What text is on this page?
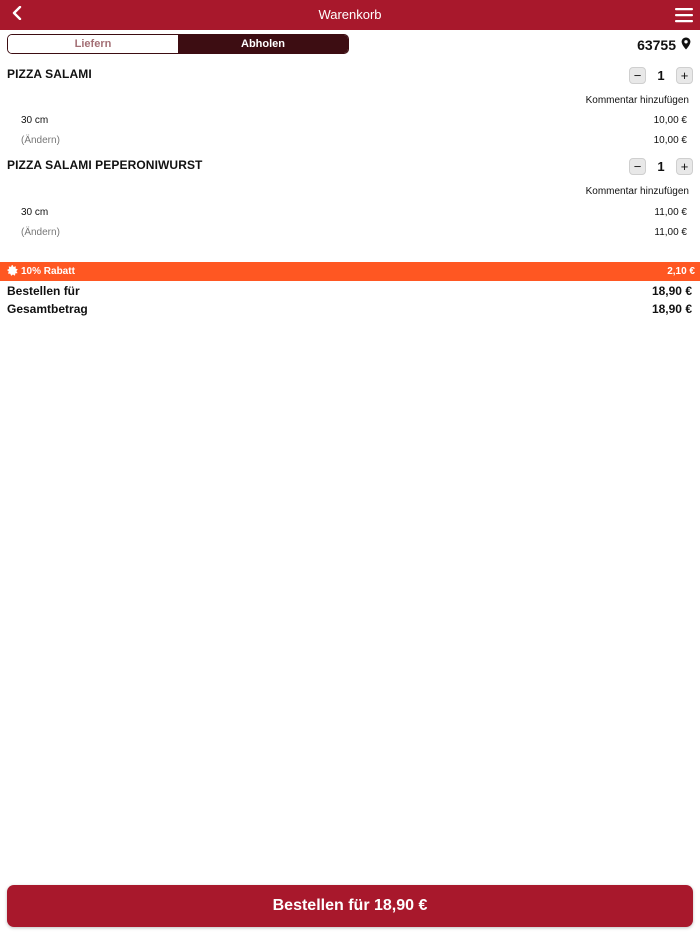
Warenkorb
Liefern	Abholen	63755
PIZZA SALAMI	−	1	+
Kommentar hinzufügen
30 cm	10,00 €
(Ändern)	10,00 €
PIZZA SALAMI PEPERONIWURST	−	1	+
Kommentar hinzufügen
30 cm	11,00 €
(Ändern)	11,00 €
10% Rabatt	2,10 €
Bestellen für	18,90 €
Gesamtbetrag	18,90 €
Bestellen für 18,90 €
